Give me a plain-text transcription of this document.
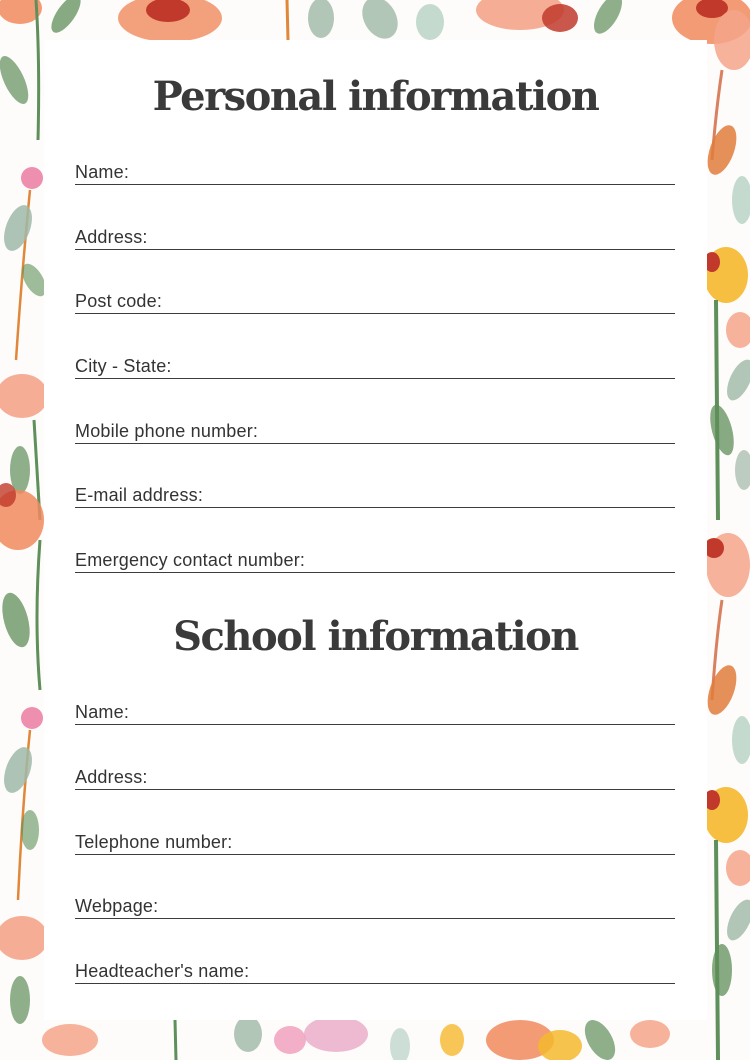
Personal information
Name:
Address:
Post code:
City - State:
Mobile phone number:
E-mail address:
Emergency contact number:
School information
Name:
Address:
Telephone number:
Webpage:
Headteacher's name:
